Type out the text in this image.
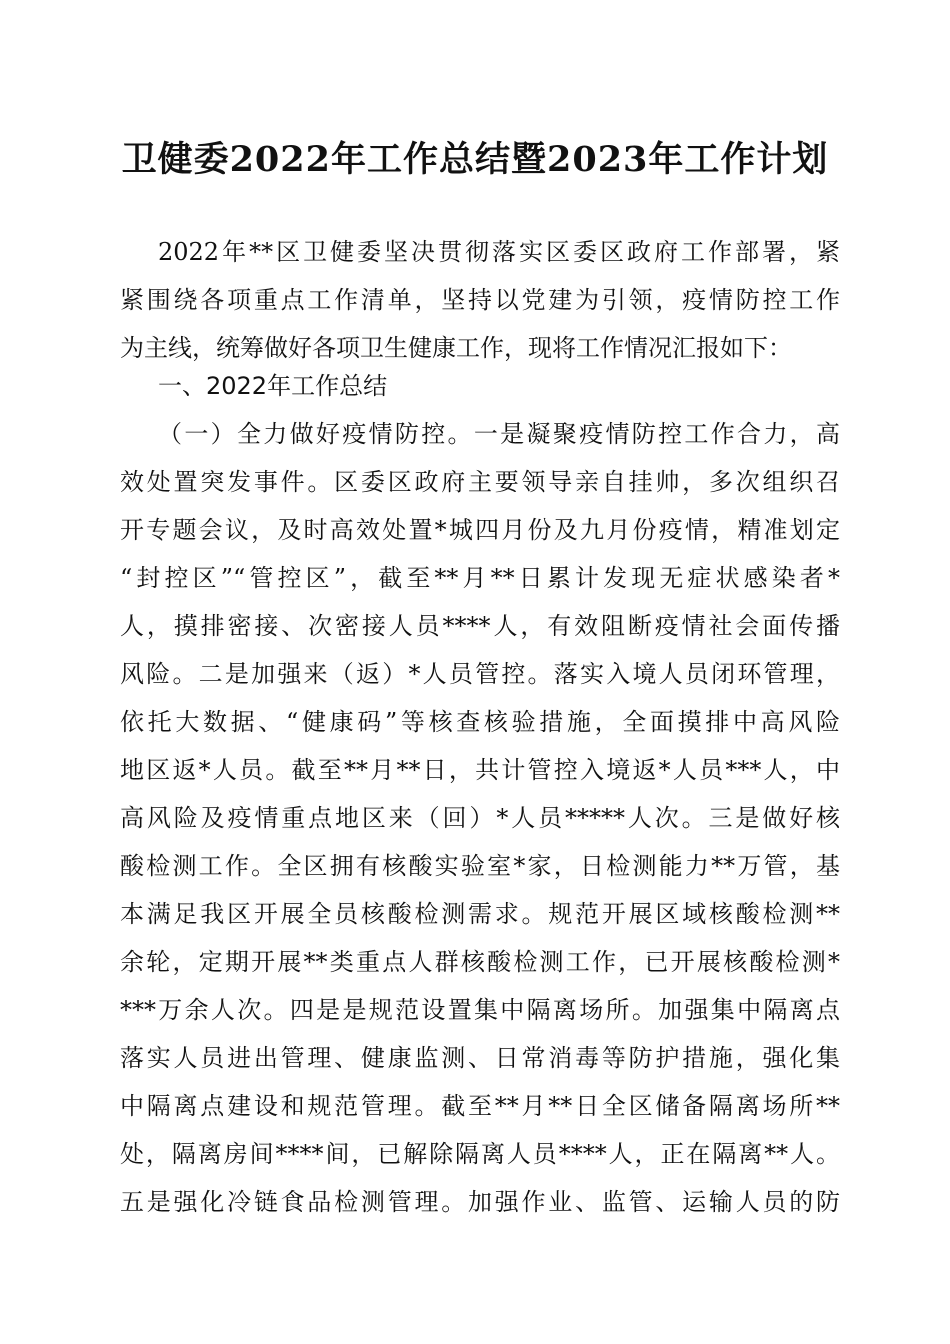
卫健委2022年工作总结暨2023年工作计划
2022年**区卫健委坚决贯彻落实区委区政府工作部署，紧
紧围绕各项重点工作清单，坚持以党建为引领，疫情防控工作
为主线，统筹做好各项卫生健康工作，现将工作情况汇报如下：
一、2022年工作总结
（一）全力做好疫情防控。一是凝聚疫情防控工作合力，高
效处置突发事件。区委区政府主要领导亲自挂帅，多次组织召
开专题会议，及时高效处置*城四月份及九月份疫情，精准划定
“封控区”“管控区”，截至**月**日累计发现无症状感染者*
人，摸排密接、次密接人员****人，有效阻断疫情社会面传播
风险。二是加强来（返）*人员管控。落实入境人员闭环管理，
依托大数据、“健康码”等核查核验措施，全面摸排中高风险
地区返*人员。截至**月**日，共计管控入境返*人员***人，中
高风险及疫情重点地区来（回）*人员*****人次。三是做好核
酸检测工作。全区拥有核酸实验室*家，日检测能力**万管，基
本满足我区开展全员核酸检测需求。规范开展区域核酸检测**
余轮，定期开展**类重点人群核酸检测工作，已开展核酸检测*
***万余人次。四是是规范设置集中隔离场所。加强集中隔离点
落实人员进出管理、健康监测、日常消毒等防护措施，强化集
中隔离点建设和规范管理。截至**月**日全区储备隔离场所**
处，隔离房间****间，已解除隔离人员****人，正在隔离**人。
五是强化冷链食品检测管理。加强作业、监管、运输人员的防
